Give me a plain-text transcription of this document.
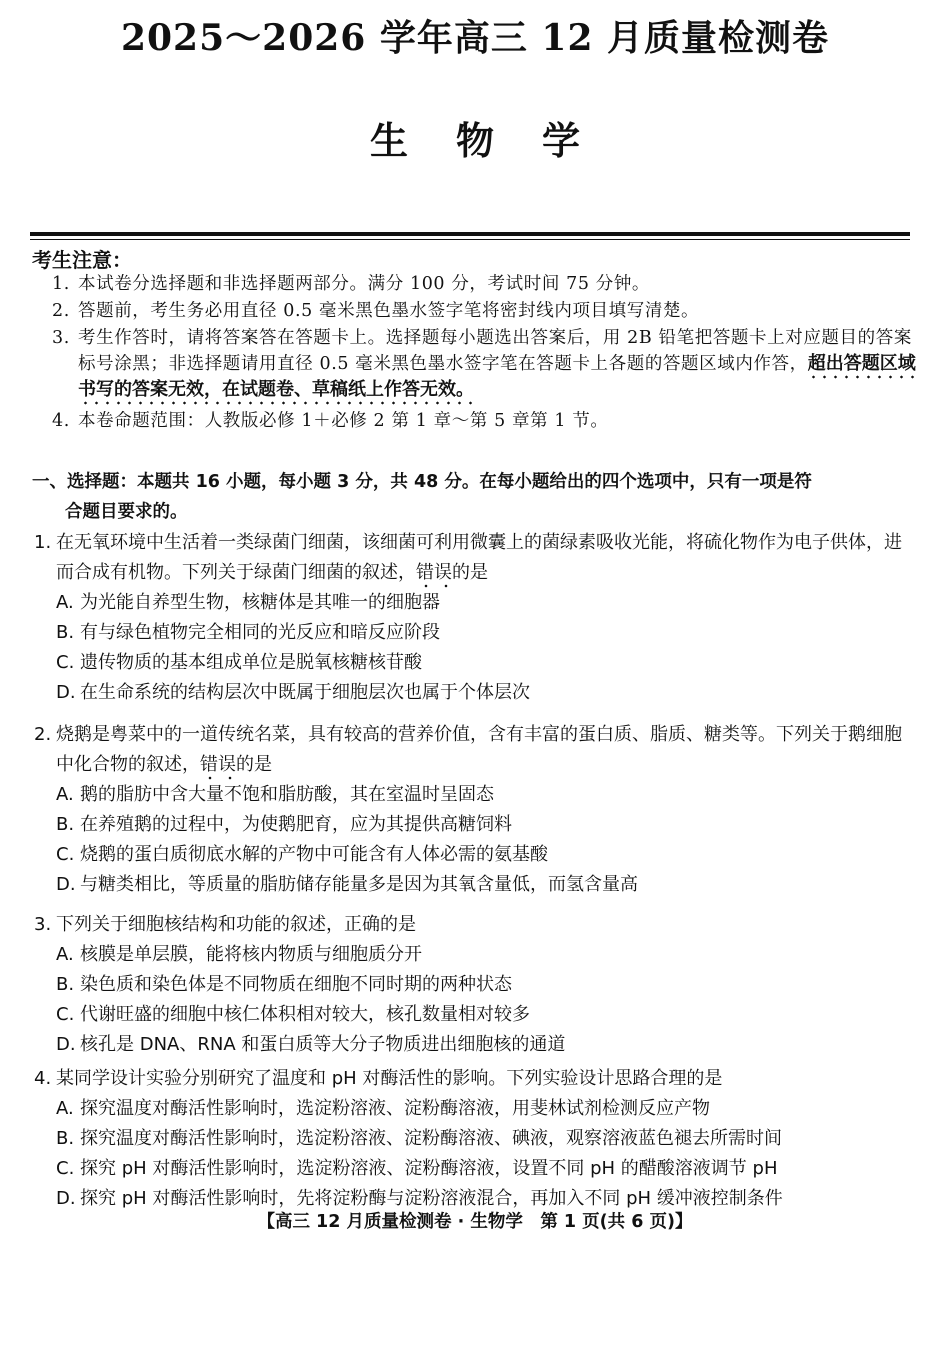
2025～2026 学年高三 12 月质量检测卷
生物学
考生注意：
1. 本试卷分选择题和非选择题两部分。满分 100 分，考试时间 75 分钟。
2. 答题前，考生务必用直径 0.5 毫米黑色墨水签字笔将密封线内项目填写清楚。
3. 考生作答时，请将答案答在答题卡上。选择题每小题选出答案后，用 2B 铅笔把答题卡上对应题目的答案标号涂黑；非选择题请用直径 0.5 毫米黑色墨水签字笔在答题卡上各题的答题区域内作答，超出答题区域书写的答案无效，在试题卷、草稿纸上作答无效。
4. 本卷命题范围：人教版必修 1＋必修 2 第 1 章～第 5 章第 1 节。

一、选择题：本题共 16 小题，每小题 3 分，共 48 分。在每小题给出的四个选项中，只有一项是符
合题目要求的。

1. 在无氧环境中生活着一类绿菌门细菌，该细菌可利用微囊上的菌绿素吸收光能，将硫化物作为电子供体，进而合成有机物。下列关于绿菌门细菌的叙述，错误的是
A. 为光能自养型生物，核糖体是其唯一的细胞器
B. 有与绿色植物完全相同的光反应和暗反应阶段
C. 遗传物质的基本组成单位是脱氧核糖核苷酸
D. 在生命系统的结构层次中既属于细胞层次也属于个体层次
2. 烧鹅是粤菜中的一道传统名菜，具有较高的营养价值，含有丰富的蛋白质、脂质、糖类等。下列关于鹅细胞中化合物的叙述，错误的是
A. 鹅的脂肪中含大量不饱和脂肪酸，其在室温时呈固态
B. 在养殖鹅的过程中，为使鹅肥育，应为其提供高糖饲料
C. 烧鹅的蛋白质彻底水解的产物中可能含有人体必需的氨基酸
D. 与糖类相比，等质量的脂肪储存能量多是因为其氧含量低，而氢含量高
3. 下列关于细胞核结构和功能的叙述，正确的是
A. 核膜是单层膜，能将核内物质与细胞质分开
B. 染色质和染色体是不同物质在细胞不同时期的两种状态
C. 代谢旺盛的细胞中核仁体积相对较大，核孔数量相对较多
D. 核孔是 DNA、RNA 和蛋白质等大分子物质进出细胞核的通道
4. 某同学设计实验分别研究了温度和 pH 对酶活性的影响。下列实验设计思路合理的是
A. 探究温度对酶活性影响时，选淀粉溶液、淀粉酶溶液，用斐林试剂检测反应产物
B. 探究温度对酶活性影响时，选淀粉溶液、淀粉酶溶液、碘液，观察溶液蓝色褪去所需时间
C. 探究 pH 对酶活性影响时，选淀粉溶液、淀粉酶溶液，设置不同 pH 的醋酸溶液调节 pH
D. 探究 pH 对酶活性影响时，先将淀粉酶与淀粉溶液混合，再加入不同 pH 缓冲液控制条件

【高三 12 月质量检测卷 · 生物学　第 1 页(共 6 页)】
